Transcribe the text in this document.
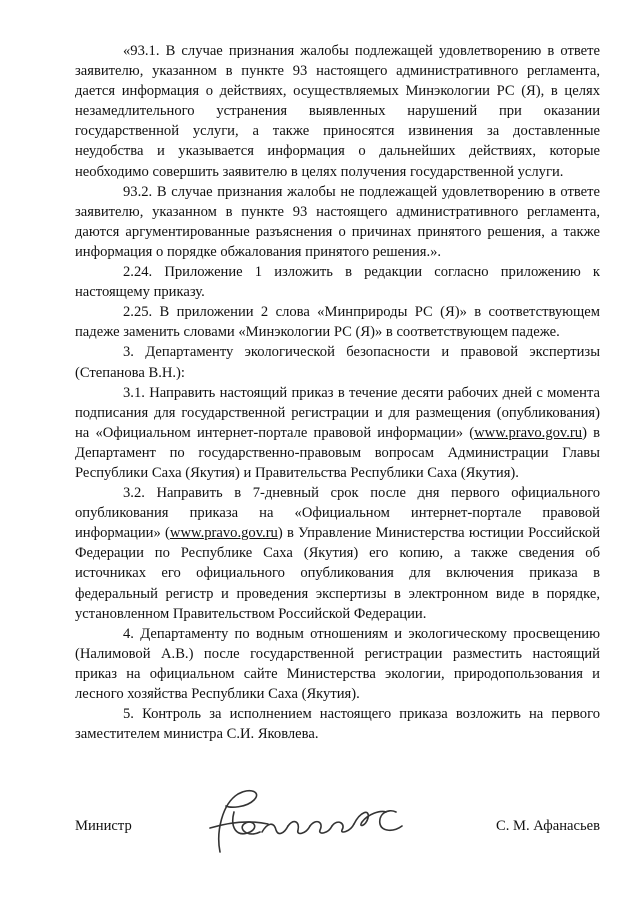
«93.1. В случае признания жалобы подлежащей удовлетворению в ответе заявителю, указанном в пункте 93 настоящего административного регламента, дается информация о действиях, осуществляемых Минэкологии РС (Я), в целях незамедлительного устранения выявленных нарушений при оказании государственной услуги, а также приносятся извинения за доставленные неудобства и указывается информация о дальнейших действиях, которые необходимо совершить заявителю в целях получения государственной услуги.

93.2. В случае признания жалобы не подлежащей удовлетворению в ответе заявителю, указанном в пункте 93 настоящего административного регламента, даются аргументированные разъяснения о причинах принятого решения, а также информация о порядке обжалования принятого решения.».

2.24. Приложение 1 изложить в редакции согласно приложению к настоящему приказу.

2.25. В приложении 2 слова «Минприроды РС (Я)» в соответствующем падеже заменить словами «Минэкологии РС (Я)» в соответствующем падеже.

3. Департаменту экологической безопасности и правовой экспертизы (Степанова В.Н.):

3.1. Направить настоящий приказ в течение десяти рабочих дней с момента подписания для государственной регистрации и для размещения (опубликования) на «Официальном интернет-портале правовой информации» (www.pravo.gov.ru) в Департамент по государственно-правовым вопросам Администрации Главы Республики Саха (Якутия) и Правительства Республики Саха (Якутия).

3.2. Направить в 7-дневный срок после дня первого официального опубликования приказа на «Официальном интернет-портале правовой информации» (www.pravo.gov.ru) в Управление Министерства юстиции Российской Федерации по Республике Саха (Якутия) его копию, а также сведения об источниках его официального опубликования для включения приказа в федеральный регистр и проведения экспертизы в электронном виде в порядке, установленном Правительством Российской Федерации.

4. Департаменту по водным отношениям и экологическому просвещению (Налимовой А.В.) после государственной регистрации разместить настоящий приказ на официальном сайте Министерства экологии, природопользования и лесного хозяйства Республики Саха (Якутия).

5. Контроль за исполнением настоящего приказа возложить на первого заместителем министра С.И. Яковлева.

Министр	С. М. Афанасьев
